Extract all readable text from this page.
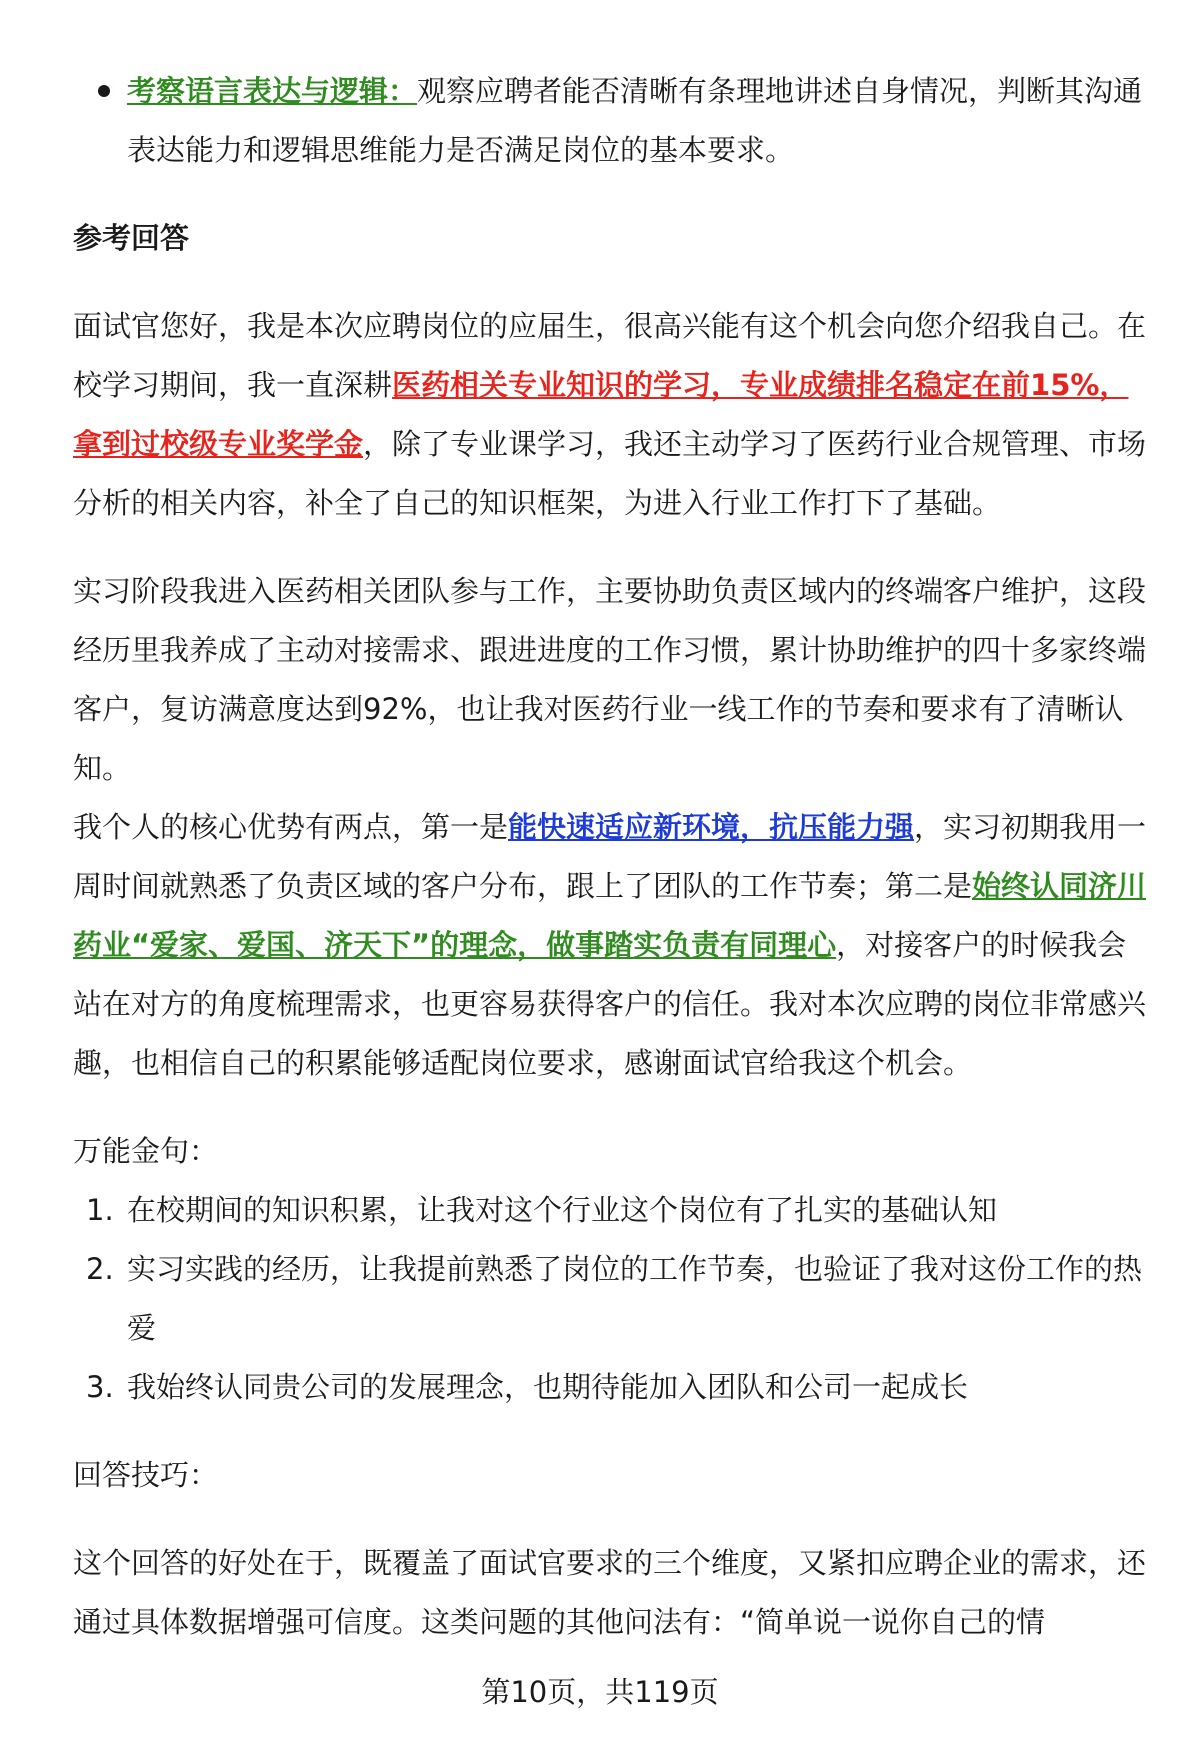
考察语言表达与逻辑：观察应聘者能否清晰有条理地讲述自身情况，判断其沟通表达能力和逻辑思维能力是否满足岗位的基本要求。

参考回答

面试官您好，我是本次应聘岗位的应届生，很高兴能有这个机会向您介绍我自己。在校学习期间，我一直深耕医药相关专业知识的学习，专业成绩排名稳定在前15%，拿到过校级专业奖学金，除了专业课学习，我还主动学习了医药行业合规管理、市场分析的相关内容，补全了自己的知识框架，为进入行业工作打下了基础。

实习阶段我进入医药相关团队参与工作，主要协助负责区域内的终端客户维护，这段经历里我养成了主动对接需求、跟进进度的工作习惯，累计协助维护的四十多家终端客户，复访满意度达到92%，也让我对医药行业一线工作的节奏和要求有了清晰认知。

我个人的核心优势有两点，第一是能快速适应新环境，抗压能力强，实习初期我用一周时间就熟悉了负责区域的客户分布，跟上了团队的工作节奏；第二是始终认同济川药业“爱家、爱国、济天下”的理念，做事踏实负责有同理心，对接客户的时候我会站在对方的角度梳理需求，也更容易获得客户的信任。我对本次应聘的岗位非常感兴趣，也相信自己的积累能够适配岗位要求，感谢面试官给我这个机会。

万能金句：

1. 在校期间的知识积累，让我对这个行业这个岗位有了扎实的基础认知
2. 实习实践的经历，让我提前熟悉了岗位的工作节奏，也验证了我对这份工作的热爱
3. 我始终认同贵公司的发展理念，也期待能加入团队和公司一起成长

回答技巧：

这个回答的好处在于，既覆盖了面试官要求的三个维度，又紧扣应聘企业的需求，还通过具体数据增强可信度。这类问题的其他问法有：“简单说一说你自己的情

第10页，共119页
